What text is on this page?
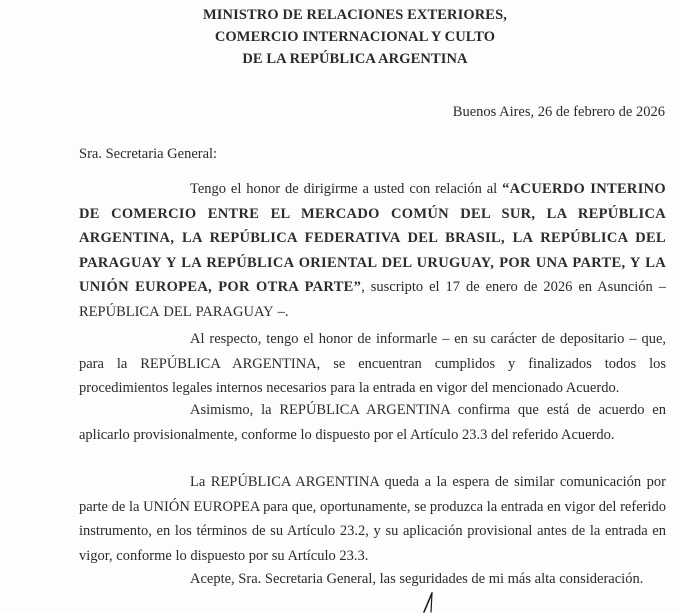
MINISTRO DE RELACIONES EXTERIORES,
COMERCIO INTERNACIONAL Y CULTO
DE LA REPÚBLICA ARGENTINA
Buenos Aires, 26 de febrero de 2026
Sra. Secretaria General:
Tengo el honor de dirigirme a usted con relación al “ACUERDO INTERINO DE COMERCIO ENTRE EL MERCADO COMÚN DEL SUR, LA REPÚBLICA ARGENTINA, LA REPÚBLICA FEDERATIVA DEL BRASIL, LA REPÚBLICA DEL PARAGUAY Y LA REPÚBLICA ORIENTAL DEL URUGUAY, POR UNA PARTE, Y LA UNIÓN EUROPEA, POR OTRA PARTE”, suscripto el 17 de enero de 2026 en Asunción – REPÚBLICA DEL PARAGUAY –.
Al respecto, tengo el honor de informarle – en su carácter de depositario – que, para la REPÚBLICA ARGENTINA, se encuentran cumplidos y finalizados todos los procedimientos legales internos necesarios para la entrada en vigor del mencionado Acuerdo.
Asimismo, la REPÚBLICA ARGENTINA confirma que está de acuerdo en aplicarlo provisionalmente, conforme lo dispuesto por el Artículo 23.3 del referido Acuerdo.
La REPÚBLICA ARGENTINA queda a la espera de similar comunicación por parte de la UNIÓN EUROPEA para que, oportunamente, se produzca la entrada en vigor del referido instrumento, en los términos de su Artículo 23.2, y su aplicación provisional antes de la entrada en vigor, conforme lo dispuesto por su Artículo 23.3.
Acepte, Sra. Secretaria General, las seguridades de mi más alta consideración.
